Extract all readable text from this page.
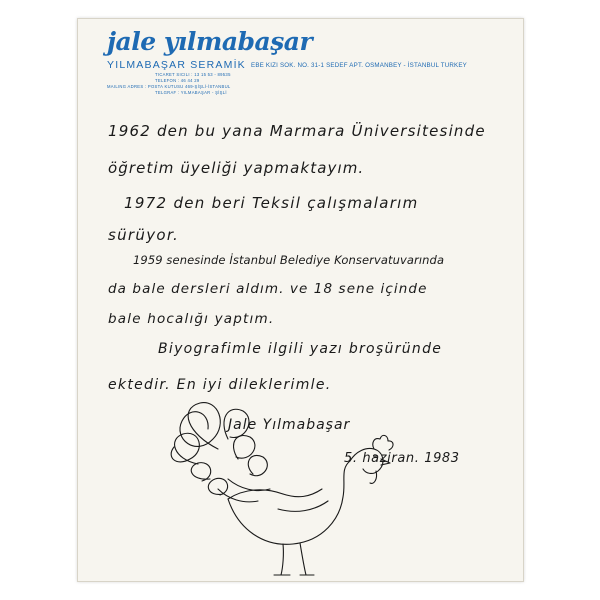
jale yılmabaşar
YILMABAŞAR SERAMİK EBE KIZI SOK. NO. 31-1 SEDEF APT. OSMANBEY - İSTANBUL TURKEY
TICARET SICILI : 13 15 53 - 89535
TELEFON : 46 44 29
MAILING ADRES : POSTA KUTUSU 469-ŞİŞLİ-İSTANBUL
TELGRAF : YILMABAŞAR - ŞİŞLİ
1962 den bu yana Marmara Üniversitesinde
öğretim üyeliği yapmaktayım.
1972 den beri Teksil çalışmalarım
sürüyor.
1959 senesinde İstanbul Belediye Konservatuvarında
da bale dersleri aldım. ve 18 sene içinde
bale hocalığı yaptım.
Biyografimle ilgili yazı broşüründe
ektedir. En iyi dileklerimle.
Jale Yılmabaşar
5. haziran. 1983
